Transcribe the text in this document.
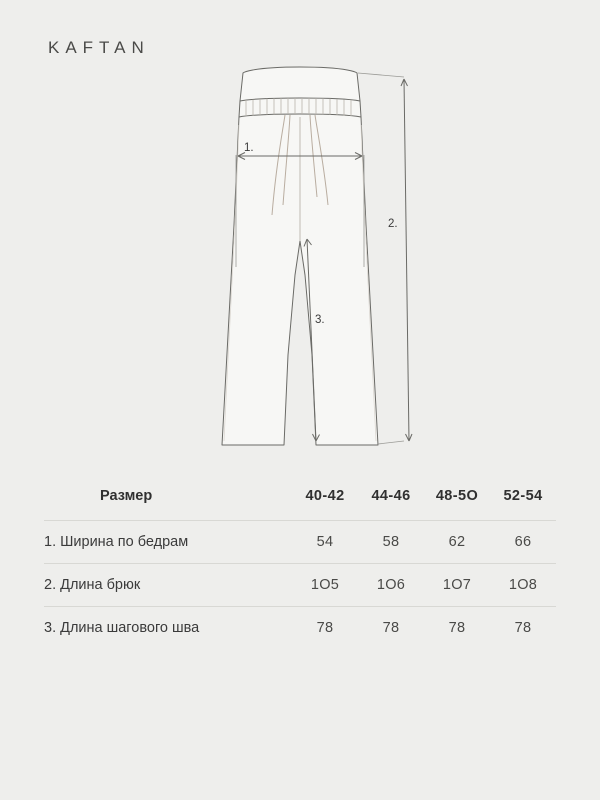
KAFTAN
1.
2.
3.
Размер	40-42	44-46	48-5O	52-54
1. Ширина по бедрам	54	58	62	66
2. Длина брюк	1O5	1O6	1O7	1O8
3. Длина шагового шва	78	78	78	78
